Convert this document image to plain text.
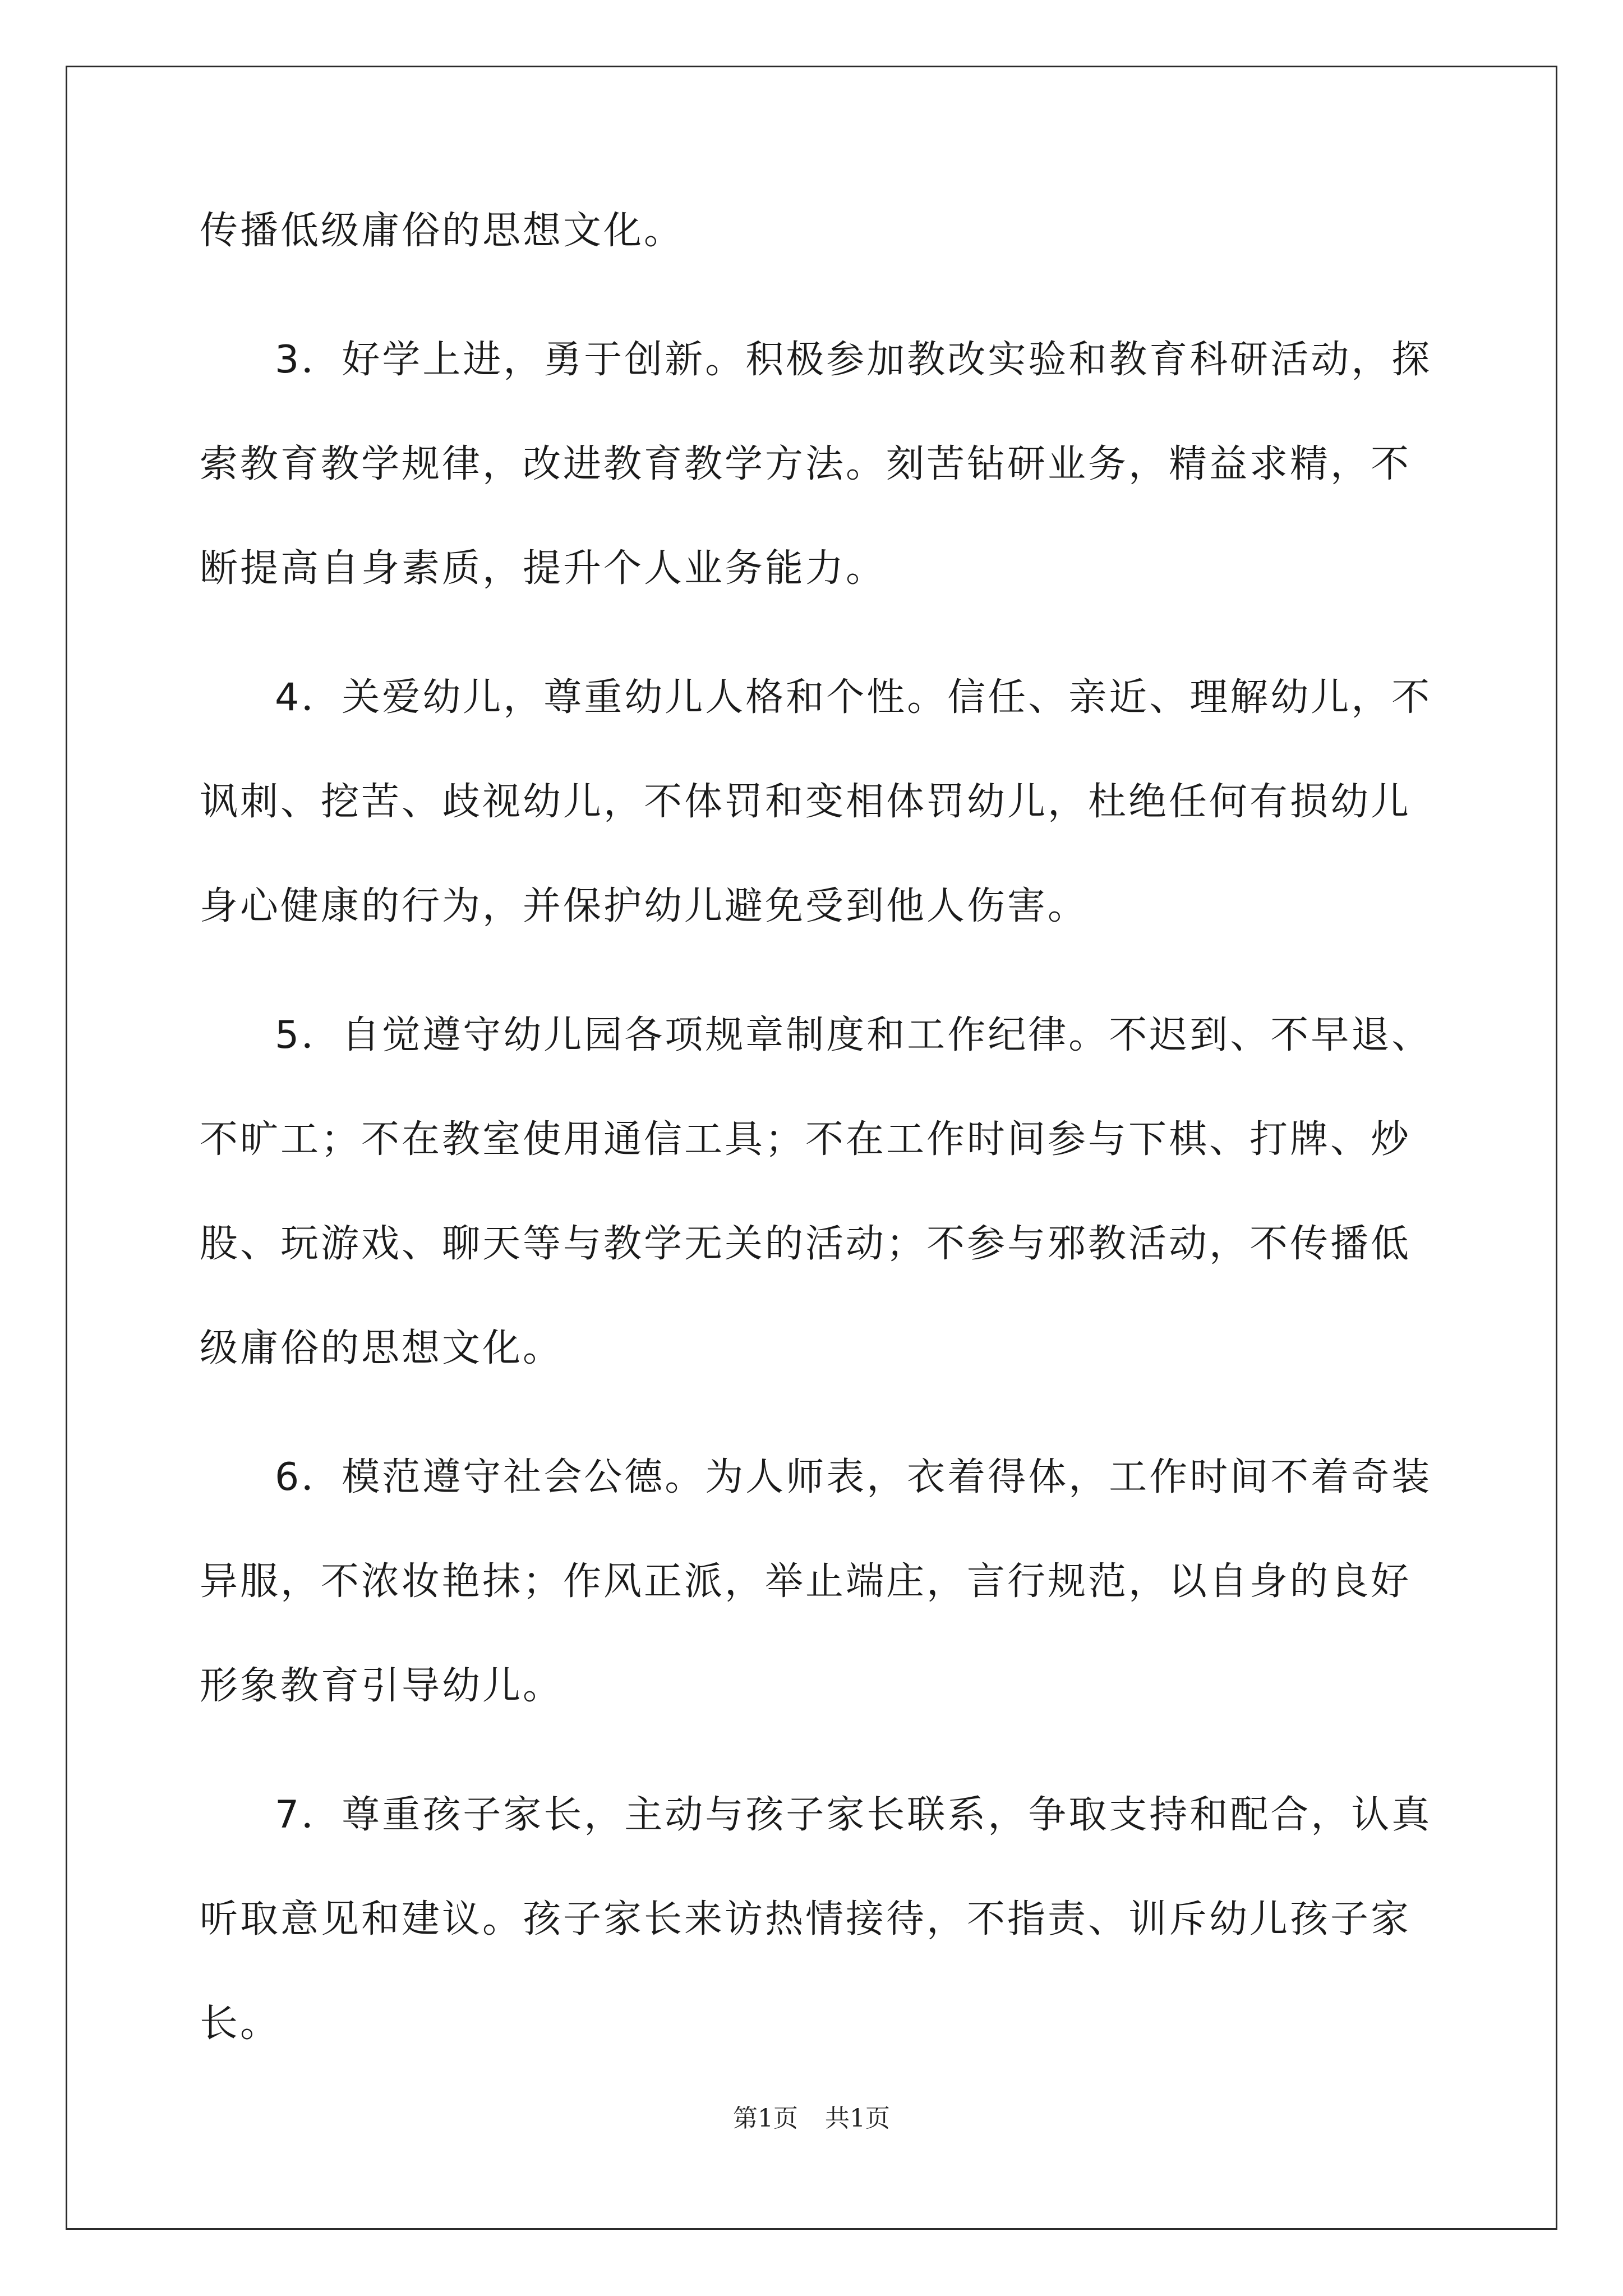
传播低级庸俗的思想文化。
3．好学上进，勇于创新。积极参加教改实验和教育科研活动，探
索教育教学规律，改进教育教学方法。刻苦钻研业务，精益求精，不
断提高自身素质，提升个人业务能力。
4．关爱幼儿，尊重幼儿人格和个性。信任、亲近、理解幼儿，不
讽刺、挖苦、歧视幼儿，不体罚和变相体罚幼儿，杜绝任何有损幼儿
身心健康的行为，并保护幼儿避免受到他人伤害。
5．自觉遵守幼儿园各项规章制度和工作纪律。不迟到、不早退、
不旷工；不在教室使用通信工具；不在工作时间参与下棋、打牌、炒
股、玩游戏、聊天等与教学无关的活动；不参与邪教活动，不传播低
级庸俗的思想文化。
6．模范遵守社会公德。为人师表，衣着得体，工作时间不着奇装
异服，不浓妆艳抹；作风正派，举止端庄，言行规范，以自身的良好
形象教育引导幼儿。
7．尊重孩子家长，主动与孩子家长联系，争取支持和配合，认真
听取意见和建议。孩子家长来访热情接待，不指责、训斥幼儿孩子家
长。
第1页 共1页
